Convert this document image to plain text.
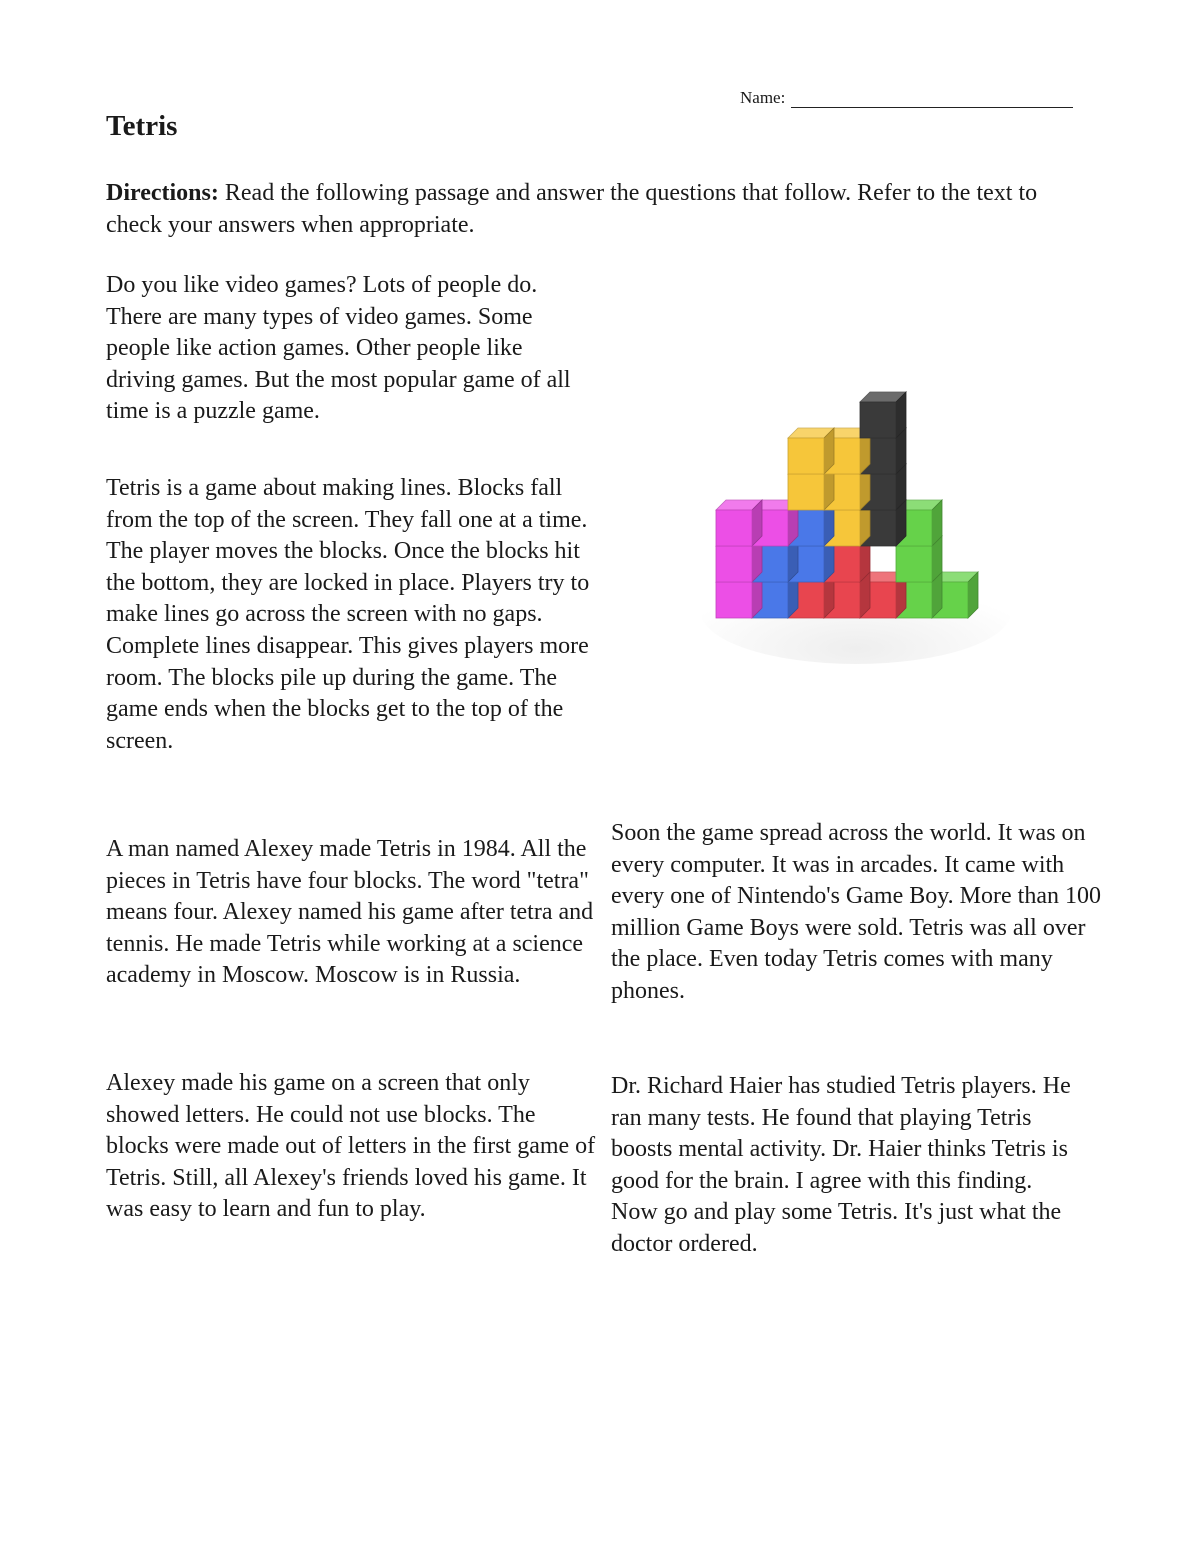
Name:
Tetris

Directions: Read the following passage and answer the questions that follow. Refer to the text to check your answers when appropriate.

Do you like video games? Lots of people do. There are many types of video games. Some people like action games. Other people like driving games. But the most popular game of all time is a puzzle game.

Tetris is a game about making lines. Blocks fall from the top of the screen. They fall one at a time. The player moves the blocks. Once the blocks hit the bottom, they are locked in place. Players try to make lines go across the screen with no gaps. Complete lines disappear. This gives players more room. The blocks pile up during the game. The game ends when the blocks get to the top of the screen.

A man named Alexey made Tetris in 1984. All the pieces in Tetris have four blocks. The word "tetra" means four. Alexey named his game after tetra and tennis. He made Tetris while working at a science academy in Moscow. Moscow is in Russia.

Alexey made his game on a screen that only showed letters. He could not use blocks. The blocks were made out of letters in the first game of Tetris. Still, all Alexey's friends loved his game. It was easy to learn and fun to play.

Soon the game spread across the world. It was on every computer. It was in arcades. It came with every one of Nintendo's Game Boy. More than 100 million Game Boys were sold. Tetris was all over the place. Even today Tetris comes with many phones.

Dr. Richard Haier has studied Tetris players. He ran many tests. He found that playing Tetris boosts mental activity. Dr. Haier thinks Tetris is good for the brain. I agree with this finding. Now go and play some Tetris. It's just what the doctor ordered.
